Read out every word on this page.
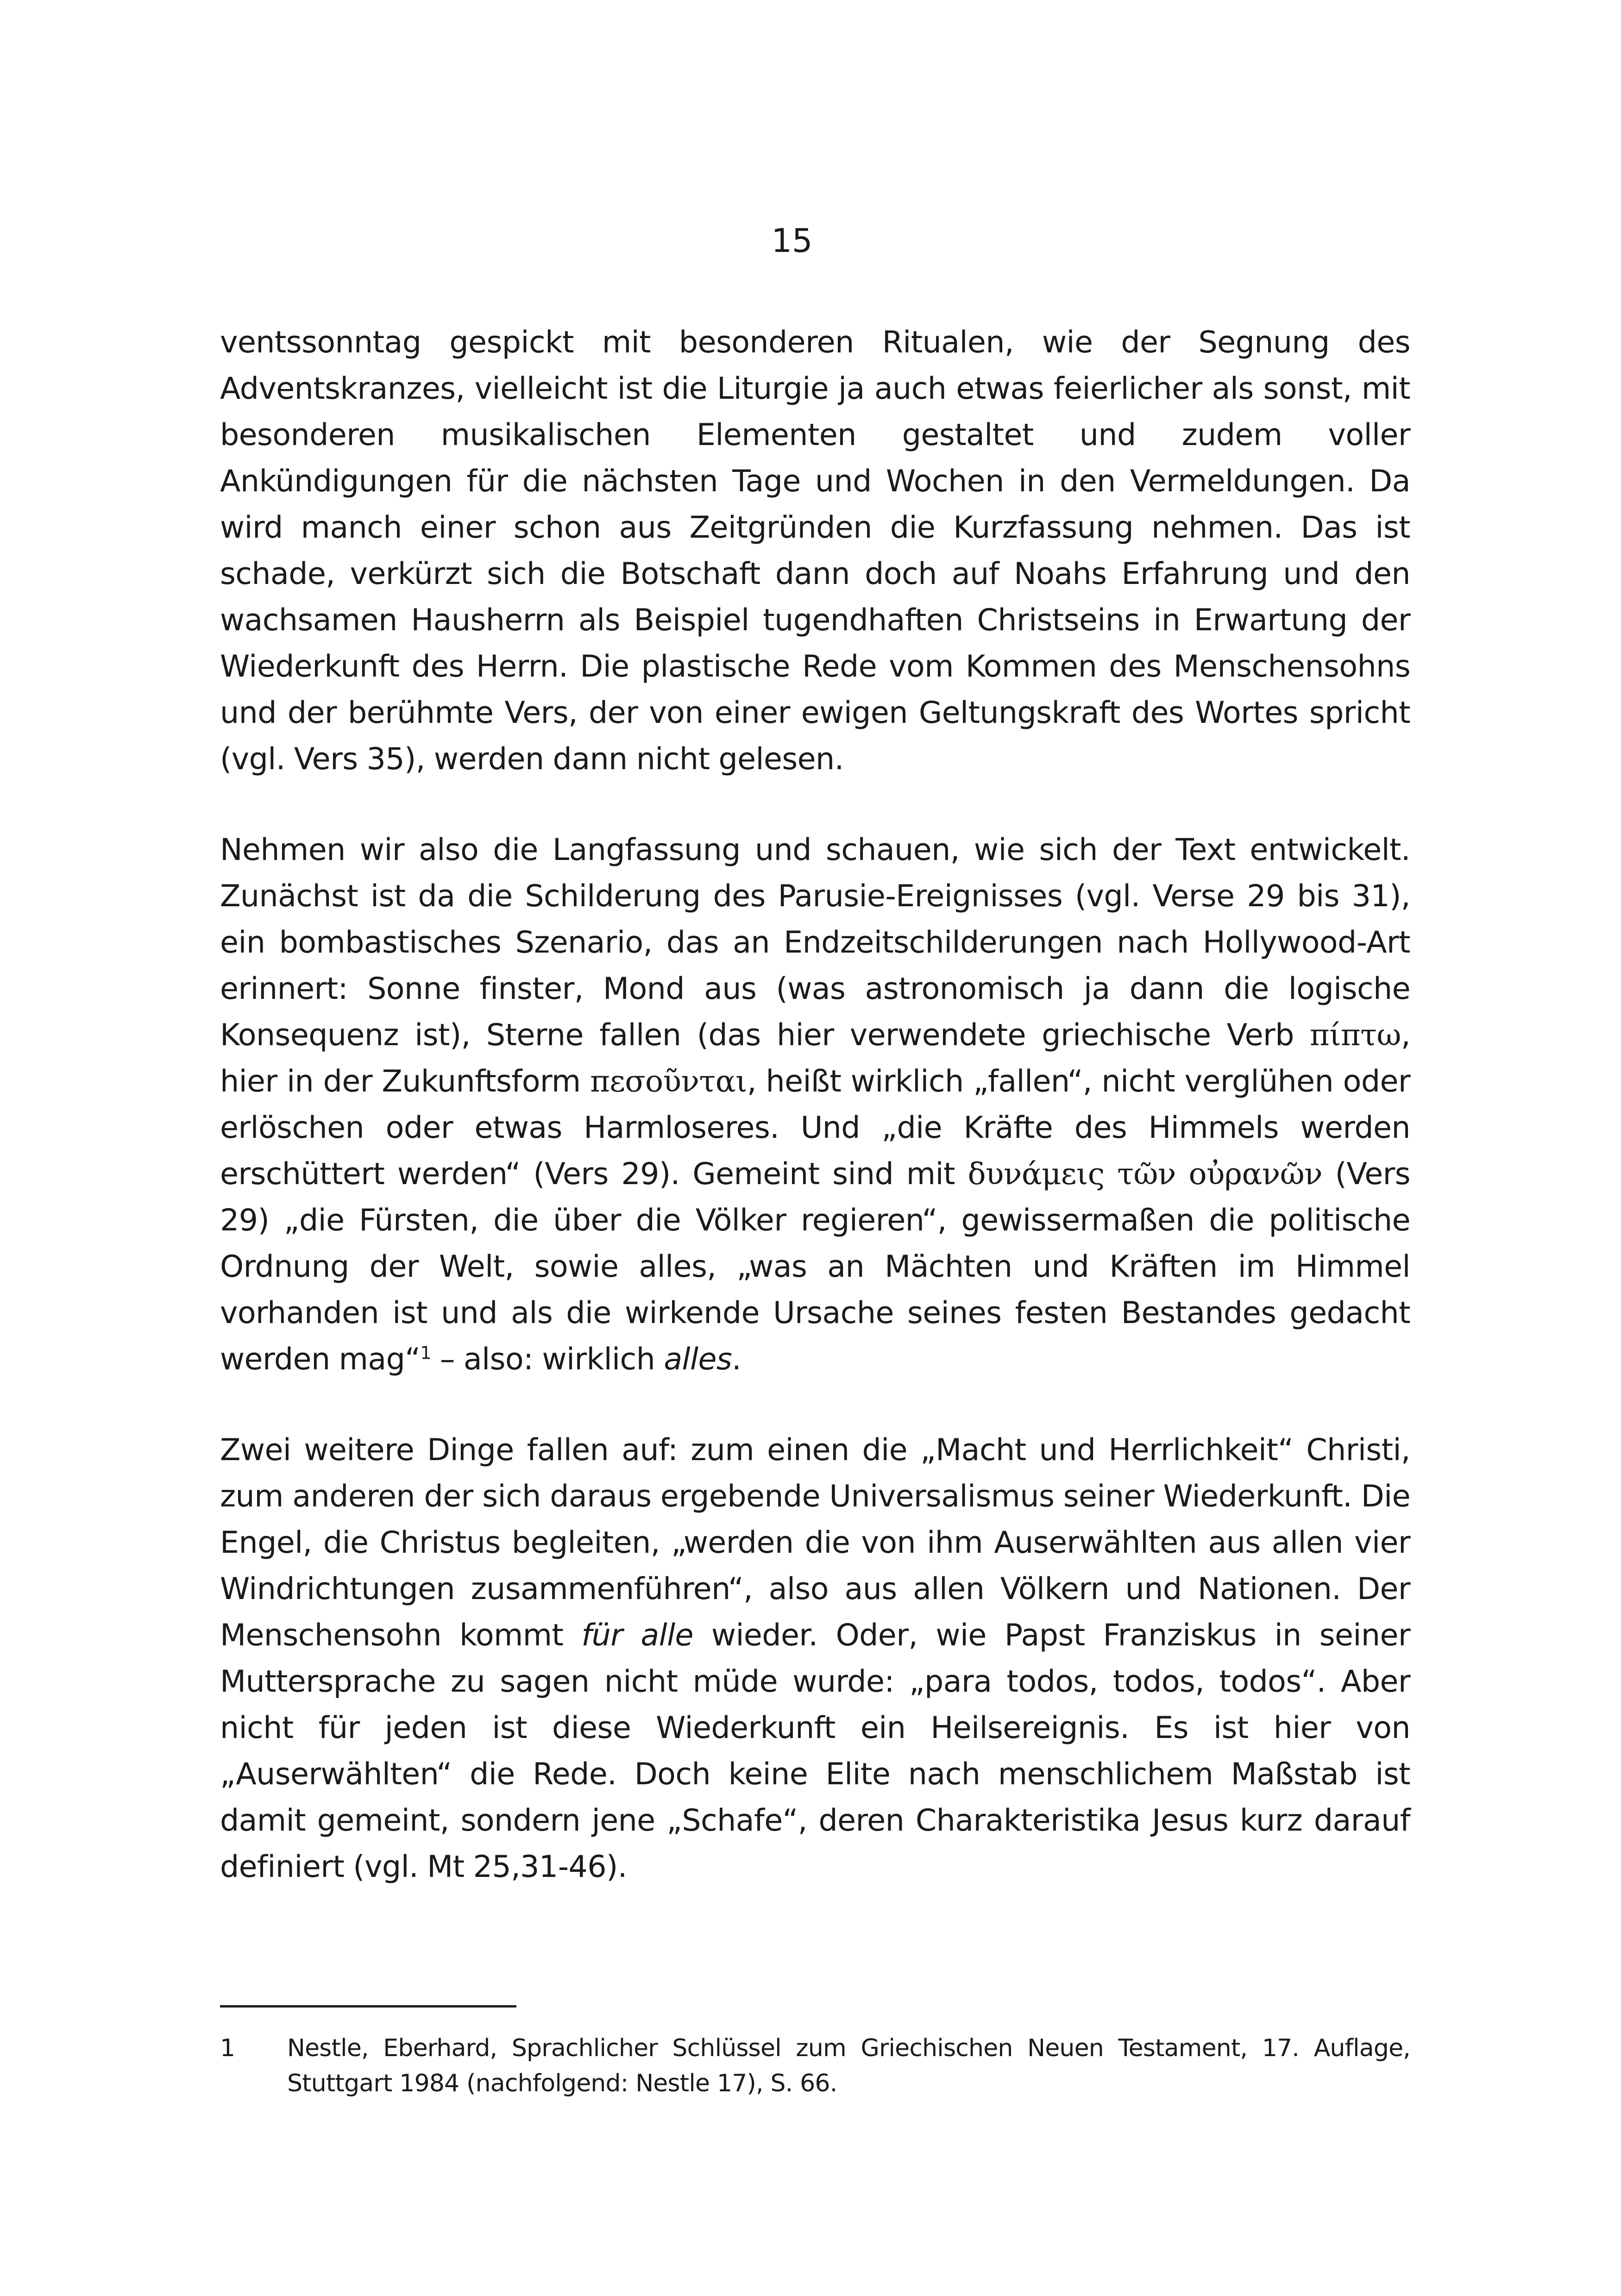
15

ventssonntag gespickt mit besonderen Ritualen, wie der Segnung des Adventskranzes, vielleicht ist die Liturgie ja auch etwas feierlicher als sonst, mit besonderen musikalischen Elementen gestaltet und zudem voller Ankündigungen für die nächsten Tage und Wochen in den Vermeldungen. Da wird manch einer schon aus Zeitgründen die Kurzfassung nehmen. Das ist schade, verkürzt sich die Botschaft dann doch auf Noahs Erfahrung und den wachsamen Hausherrn als Beispiel tugendhaften Christseins in Erwartung der Wiederkunft des Herrn. Die plastische Rede vom Kommen des Menschensohns und der berühmte Vers, der von einer ewigen Geltungskraft des Wortes spricht (vgl. Vers 35), werden dann nicht gelesen.

Nehmen wir also die Langfassung und schauen, wie sich der Text entwickelt. Zunächst ist da die Schilderung des Parusie-Ereignisses (vgl. Verse 29 bis 31), ein bombastisches Szenario, das an Endzeitschilderungen nach Hollywood-Art erinnert: Sonne finster, Mond aus (was astronomisch ja dann die logische Konsequenz ist), Sterne fallen (das hier verwendete griechische Verb πίπτω, hier in der Zukunftsform πεσοῦνται, heißt wirklich „fallen“, nicht verglühen oder erlöschen oder etwas Harmloseres. Und „die Kräfte des Himmels werden erschüttert werden“ (Vers 29). Gemeint sind mit δυνάμεις τῶν οὐρανῶν (Vers 29) „die Fürsten, die über die Völker regieren“, gewissermaßen die politische Ordnung der Welt, sowie alles, „was an Mächten und Kräften im Himmel vorhanden ist und als die wirkende Ursache seines festen Bestandes gedacht werden mag“$^1$ – also: wirklich alles.

Zwei weitere Dinge fallen auf: zum einen die „Macht und Herrlichkeit“ Christi, zum anderen der sich daraus ergebende Universalismus seiner Wiederkunft. Die Engel, die Christus begleiten, „werden die von ihm Auserwählten aus allen vier Windrichtungen zusammenführen“, also aus allen Völkern und Nationen. Der Menschensohn kommt für alle wieder. Oder, wie Papst Franziskus in seiner Muttersprache zu sagen nicht müde wurde: „para todos, todos, todos“. Aber nicht für jeden ist diese Wiederkunft ein Heilsereignis. Es ist hier von „Auserwählten“ die Rede. Doch keine Elite nach menschlichem Maßstab ist damit gemeint, sondern jene „Schafe“, deren Charakteristika Jesus kurz darauf definiert (vgl. Mt 25,31-46).

1	Nestle, Eberhard, Sprachlicher Schlüssel zum Griechischen Neuen Testament, 17. Auflage, Stuttgart 1984 (nachfolgend: Nestle 17), S. 66.
